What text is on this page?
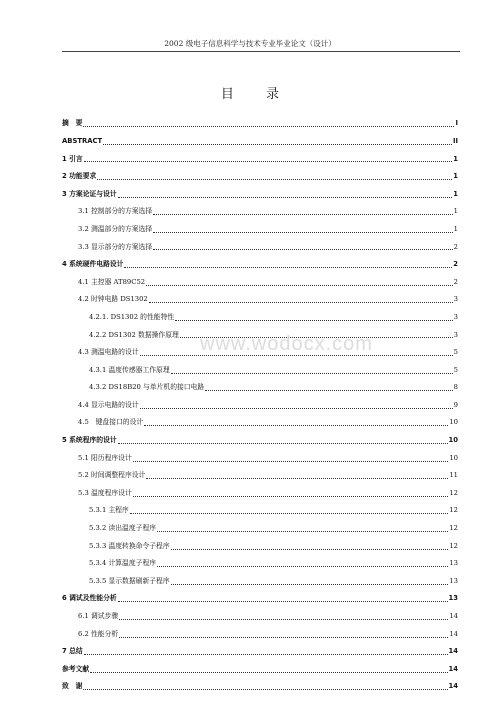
2002 级电子信息科学与技术专业毕业论文（设计）
目 录
摘　要	I
ABSTRACT	II
1 引言	1
2 功能要求	1
3 方案论证与设计	1
3.1 控制部分的方案选择	1
3.2 测温部分的方案选择	1
3.3 显示部分的方案选择	2
4 系统硬件电路设计	2
4.1 主控器 AT89C52	2
4.2 时钟电路 DS1302	3
4.2.1. DS1302 的性能特性	3
4.2.2 DS1302 数据操作原理	3
4.3 测温电路的设计	5
4.3.1 温度传感器工作原理	5
4.3.2 DS18B20 与单片机的接口电路	8
4.4 显示电路的设计	9
4.5　键盘接口的设计	10
5 系统程序的设计	10
5.1 阳历程序设计	10
5.2 时间调整程序设计	11
5.3 温度程序设计	12
5.3.1 主程序	12
5.3.2 读出温度子程序	12
5.3.3 温度转换命令子程序	12
5.3.4 计算温度子程序	13
5.3.5 显示数据刷新子程序	13
6 调试及性能分析	13
6.1 调试步骤	14
6.2 性能分析	14
7 总结	14
参考文献	14
致　谢	14
www.wodocx.com
